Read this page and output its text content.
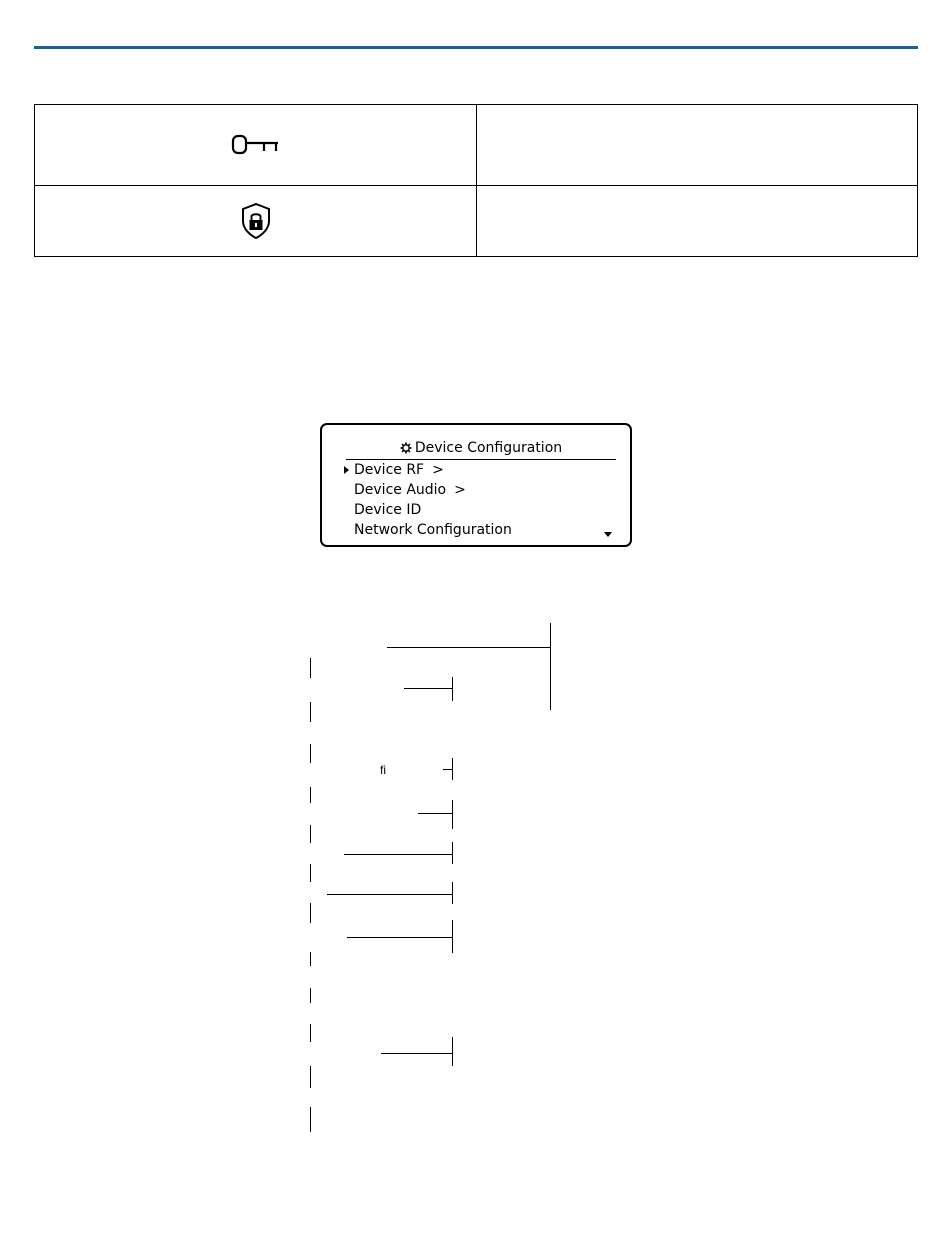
Device Configuration
Device RF >
Device Audio >
Device ID
Network Configuration
ﬁ
